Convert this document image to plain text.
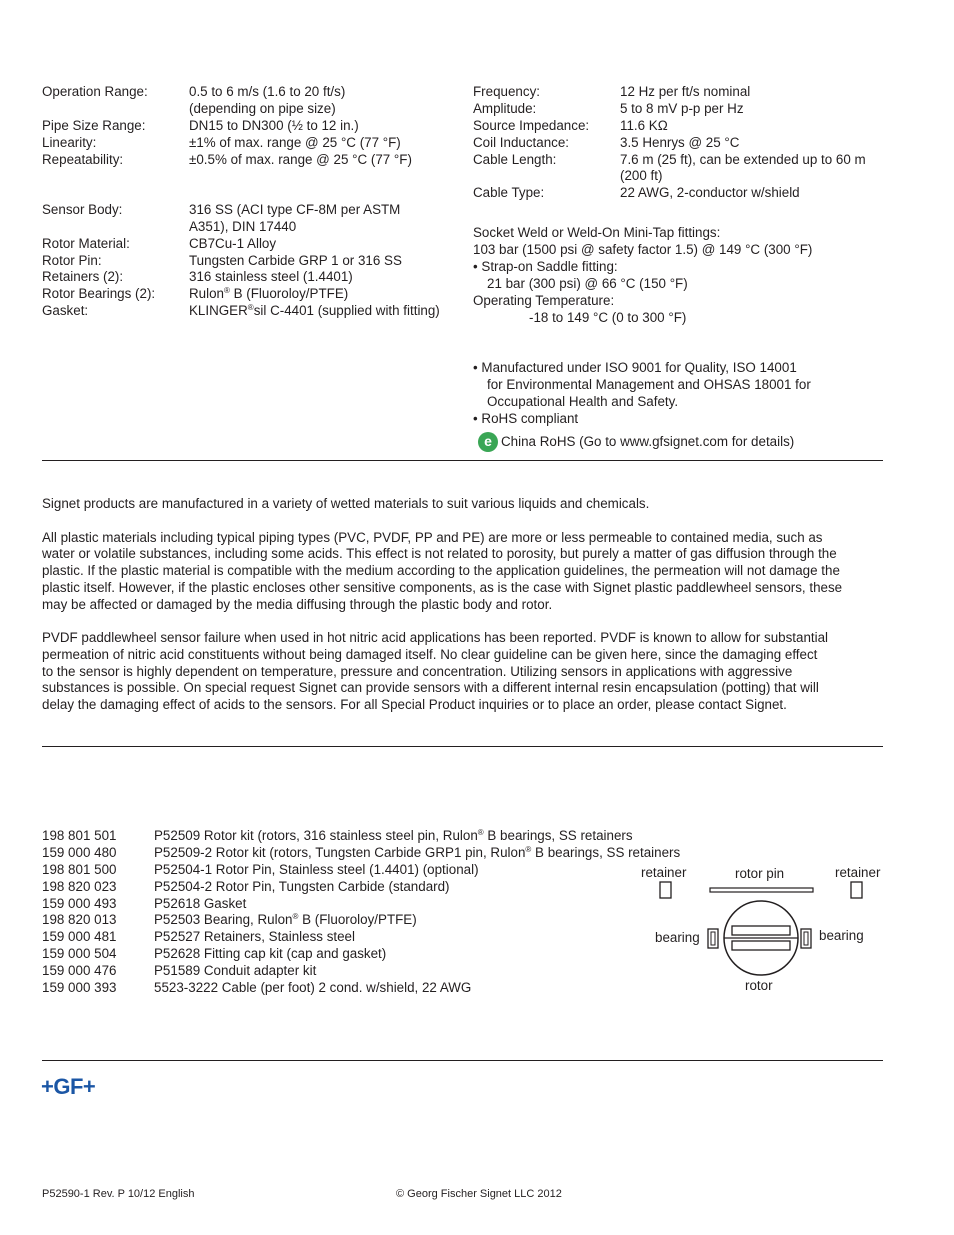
Operation Range:	0.5 to 6 m/s (1.6 to 20 ft/s)
(depending on pipe size)
Pipe Size Range:	DN15 to DN300 (½ to 12 in.)
Linearity:	±1% of max. range @ 25 °C (77 °F)
Repeatability:	±0.5% of max. range @ 25 °C (77 °F)
Sensor Body:	316 SS (ACI type CF-8M per ASTM
A351), DIN 17440
Rotor Material:	CB7Cu-1 Alloy
Rotor Pin:	Tungsten Carbide GRP 1 or 316 SS
Retainers (2):	316 stainless steel (1.4401)
Rotor Bearings (2):	Rulon® B (Fluoroloy/PTFE)
Gasket:	KLINGER®sil C-4401 (supplied with fitting)
Frequency:	12 Hz per ft/s nominal
Amplitude:	5 to 8 mV p-p per Hz
Source Impedance: 11.6 KΩ
Coil Inductance:	3.5 Henrys @ 25 °C
Cable Length:	7.6 m (25 ft), can be extended up to 60 m
(200 ft)
Cable Type:	22 AWG, 2-conductor w/shield
Socket Weld or Weld-On Mini-Tap fittings:
103 bar (1500 psi @ safety factor 1.5) @ 149 °C (300 °F)
• Strap-on Saddle fitting:
21 bar (300 psi) @ 66 °C (150 °F)
Operating Temperature:
-18 to 149 °C (0 to 300 °F)
• Manufactured under ISO 9001 for Quality, ISO 14001
for Environmental Management and OHSAS 18001 for
Occupational Health and Safety.
• RoHS compliant
e China RoHS (Go to www.gfsignet.com for details)
Signet products are manufactured in a variety of wetted materials to suit various liquids and chemicals.
All plastic materials including typical piping types (PVC, PVDF, PP and PE) are more or less permeable to contained media, such as
water or volatile substances, including some acids. This effect is not related to porosity, but purely a matter of gas diffusion through the
plastic. If the plastic material is compatible with the medium according to the application guidelines, the permeation will not damage the
plastic itself. However, if the plastic encloses other sensitive components, as is the case with Signet plastic paddlewheel sensors, these
may be affected or damaged by the media diffusing through the plastic body and rotor.
PVDF paddlewheel sensor failure when used in hot nitric acid applications has been reported. PVDF is known to allow for substantial
permeation of nitric acid constituents without being damaged itself. No clear guideline can be given here, since the damaging effect
to the sensor is highly dependent on temperature, pressure and concentration. Utilizing sensors in applications with aggressive
substances is possible. On special request Signet can provide sensors with a different internal resin encapsulation (potting) that will
delay the damaging effect of acids to the sensors. For all Special Product inquiries or to place an order, please contact Signet.
198 801 501	P52509 Rotor kit (rotors, 316 stainless steel pin, Rulon® B bearings, SS retainers
159 000 480	P52509-2 Rotor kit (rotors, Tungsten Carbide GRP1 pin, Rulon® B bearings, SS retainers
198 801 500	P52504-1 Rotor Pin, Stainless steel (1.4401) (optional)
198 820 023	P52504-2 Rotor Pin, Tungsten Carbide (standard)
159 000 493	P52618 Gasket
198 820 013	P52503 Bearing, Rulon® B (Fluoroloy/PTFE)
159 000 481	P52527 Retainers, Stainless steel
159 000 504	P52628 Fitting cap kit (cap and gasket)
159 000 476	P51589 Conduit adapter kit
159 000 393	5523-3222 Cable (per foot) 2 cond. w/shield, 22 AWG
retainer	rotor pin	retainer
bearing	bearing
rotor
+GF+
P52590-1 Rev. P 10/12 English	© Georg Fischer Signet LLC 2012
